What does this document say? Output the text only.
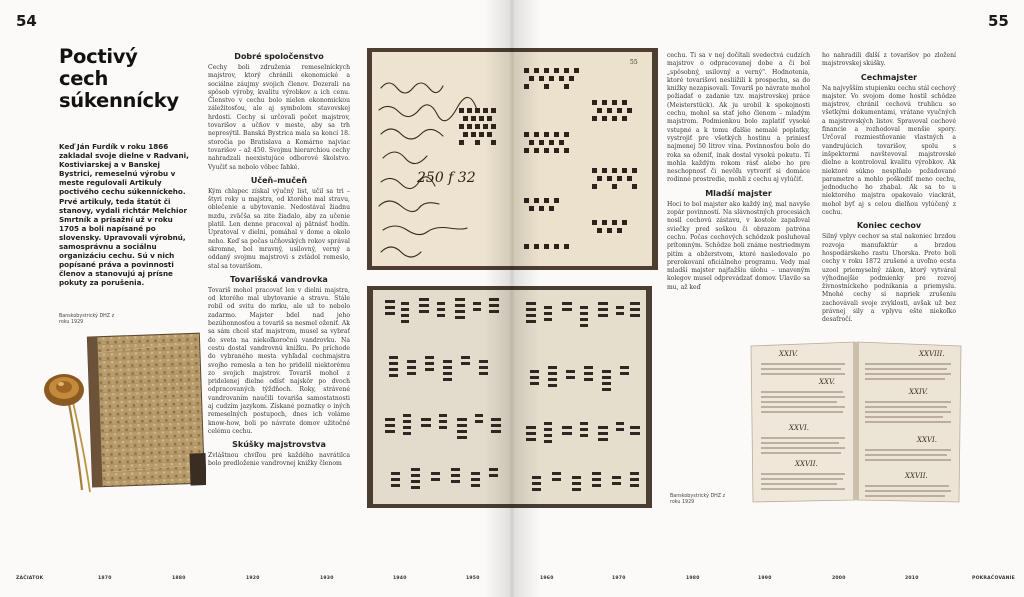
54
Poctivý cech súkennícky
Keď Ján Furdík v roku 1866 zakladal svoje dielne v Radvani, Kostiviarskej a v Banskej Bystrici, remeselnú výrobu v meste regulovali Artikuly poctivého cechu súkenníckeho. Prvé artikuly, teda štatút či stanovy, vydali richtár Melchior Smrtník a prísažní už v roku 1705 a boli napísané po slovensky. Upravovali výrobnú, samosprávnu a sociálnu organizáciu cechu. Sú v nich popísané práva a povinnosti členov a stanovujú aj prísne pokuty za porušenia.
Banskobystrický DHZ z roku 1929
Dobré spoločenstvo

Cechy boli združenia remeselníckych majstrov, ktorý chránili ekonomické a sociálne záujmy svojich členov. Dozerali na spôsob výroby, kvalitu výrobkov a ich cenu. Členstvo v cechu bolo nielen ekonomickou záležitosťou, ale aj symbolom stavovskej hrdosti. Cechy si určovali počet majstrov, tovarišov a učňov v meste, aby sa trh nepresýtil. Banská Bystrica mala sa koncí 18. storočia po Bratislava a Komárne najviac tovarišov – až 450. Svojmu hierarchiou cechy nahradzali neexistujúce odborové školstvo. Vyučiť sa nebolo vôbec ľahké.

Učeň–mučeň

Kým chlapec získal výučný list, učil sa tri – štyri roky u majstra, od ktorého mal stravu, oblečenie a ubytovanie. Nedostával žiadnu mzdu, zväčša sa zite žiadalo, aby za učenie platil. Len denne pracoval aj pätnásť hodín. Upratoval v dielni, pomáhal v dome a okolo neho. Keď sa počas učňovských rokov správal skromne, bol mravný, usilovný, verný a oddaný svojmu majstrovi s zvládol remeslo, stal sa tovarišom.

Tovarišská vandrovka

Tovariš mohol pracovať len v dielni majstra, od ktorého mal ubytovanie a stravu. Stále robil od svitu do mrku, ale už to nebolo zadarmo. Majster bdel nad jeho bezúhonnosťou a tovariš sa nesmel oženiť. Ak sa sám chcel stať majstrom, musel sa vybrať do sveta na niekoľkoročnú vandrovku. Na cestu dostal vandrovnú knižku. Po príchode do vybraného mesta vyhľadal cechmajstra svojho remesla a ten ho pridelil niektorému zo svojich majstrov. Tovariš mohol z pridelenej dielne odísť najskôr po dvoch odpracovaných týždňoch. Roky, strávené vandrovaním naučili tovariša samostatnosti aj cudzím jazykom. Získané poznatky o iných remeselných postupoch, dnes ich voláme know-how, boli po návrate domov užitočné celému cechu.

Skúšky majstrovstva

Zvláštnou chvíľou pre každého navrátilca bolo predloženie vandrovnej knižky členom

250 f 32
55
55

cechu. Ti sa v nej dočítali svedectvá cudzích majstrov o odpracovanej dobe a či bol „spôsobný, usilovný a verný". Hodnotenia, ktoré tovarišovi nesliížili k prospechu, sa do knižky nezapisovali. Tovariš po návrate mohol požiadať o zadanie tzv. majstrovskej práce (Meisterstück). Ak ju urobil k spokojnosti cechu, mohol sa stať jeho členom – mladým majstrom. Podmienkou bolo zaplatiť vysoké vstupné a k tomu ďalšie nemalé poplatky, vystrojiť pre všetkých hostinu a priniesť najmenej 50 litrov vína. Povinnosťou bolo do roka sa oženiť, inak dostal vysokú pokutu. Tí mohla každým rokom rásť alebo ho pre neschopnosť či nevôľu vytvoriť si domáce rodinné prostredie, mohli z cechu aj vylúčiť.

Mladší majster

Hoci to bol majster ako každý iný, mal navyše zopár povinností. Na slávnostných procesiách nosil cechovú zástavu, v kostole zapaľoval sviečky pred soškou či obrazom patróna cechu. Počas cechových schôdzok posluhoval prítomným. Schôdze boli známe nestriedmym pitím a obžerstvom, ktoré nasledovalo po prerokovaní oficiálneho programu. Vedy mal mladší majster najťažšiu úlohu – unaveným kolegov musel odprevádzať domov. Ulavilo sa mu, až keď

ho nahradili ďalší z tovarišov po zložení majstrovskej skúšky.

Cechmajster

Na najvyšším stupienku cechu stál cechový majster. Vo svojom dome hostil schôdze majstrov, chránil cechovú truhlicu so všetkými dokumentami, vrátane vyučných a majstrovských listov. Spravoval cechové financie a rozhodoval menšie spory. Určoval rozmiestňovanie vlastných a vandrujúcich tovarišov, spolu s inšpektormi navštevoval majstrovské dielne a kontroloval kvalitu výrobkov. Ak niektoré súkno nesplňalo požadované parametre a mohlo poškodiť meno cechu, jednoducho ho zhabal. Ak sa to u niektorého majstra opakovalo viackrát, mohol byť aj s celou dielňou vylúčený z cechu.

Koniec cechov

Silný vplyv cechov sa stal nakoniec brzdou rozvoja manufaktúr a brzdou hospodárskeho rastu Uhorska. Preto boli cechy v roku 1872 zrušené a uvoľno ecsta uzool priemyselný zákon, ktorý vytváral výhodnejšie podmienky pre rozvoj živnostníckeho podnikania a priemyslu. Mnohé cechy si napriek zrušeniu zachovávali svoje zvyklosti, avšak už bez právnej sily a vplyvu ešte niekoľko desaťročí.

Banskobystrický DHZ z roku 1929
XXIV.
XXV.
XXVI.
XXVII.
XXVIII.
XXIV.
XXVI.
XXVII.
ZAČIATOK	1870	1880	1920	1930	1940	1950	1960	1970	1980	1990	2000	2010	POKRAČOVANIE
